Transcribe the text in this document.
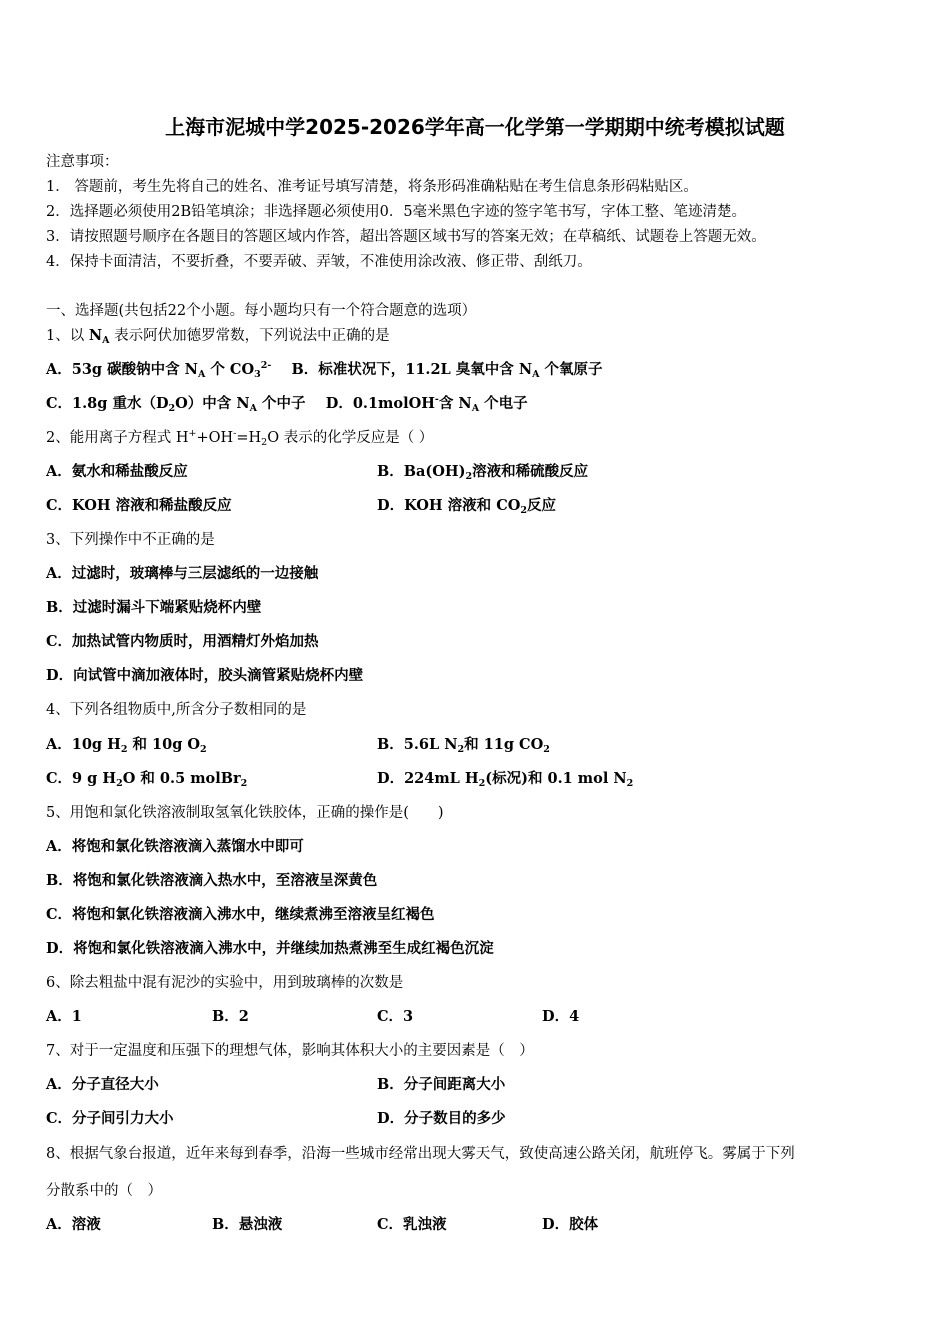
上海市泥城中学2025-2026学年高一化学第一学期期中统考模拟试题
注意事项：
1． 答题前，考生先将自己的姓名、准考证号填写清楚，将条形码准确粘贴在考生信息条形码粘贴区。
2．选择题必须使用2B铅笔填涂；非选择题必须使用0．5毫米黑色字迹的签字笔书写，字体工整、笔迹清楚。
3．请按照题号顺序在各题目的答题区域内作答，超出答题区域书写的答案无效；在草稿纸、试题卷上答题无效。
4．保持卡面清洁，不要折叠，不要弄破、弄皱，不准使用涂改液、修正带、刮纸刀。
一、选择题(共包括22个小题。每小题均只有一个符合题意的选项）
1、以 $N_A$ 表示阿伏加德罗常数，下列说法中正确的是
A．53g 碳酸钠中含 $N_A$ 个 $CO_3^{2-}$ B．标准状况下，11.2L 臭氧中含 $N_A$ 个氧原子
C．1.8g 重水$(D_2O)$中含 $N_A$ 个中子 D．0.1molOH-含 $N_A$ 个电子
2、能用离子方程式 $H^++OH^-=H_2O$ 表示的化学反应是（ ）
A．氨水和稀盐酸反应	B．$Ba(OH)_2$溶液和稀硫酸反应
C．KOH 溶液和稀盐酸反应	D．KOH 溶液和 $CO_2$反应
3、下列操作中不正确的是
A．过滤时，玻璃棒与三层滤纸的一边接触
B．过滤时漏斗下端紧贴烧杯内壁
C．加热试管内物质时，用酒精灯外焰加热
D．向试管中滴加液体时，胶头滴管紧贴烧杯内壁
4、下列各组物质中,所含分子数相同的是
A．10g $H_2$ 和 10g $O_2$	B．5.6L $N_2$和 11g $CO_2$
C．9 g $H_2O$ 和 0.5 molBr$_2$	D．224mL $H_2$(标况)和 0.1 mol $N_2$
5、用饱和氯化铁溶液制取氢氧化铁胶体，正确的操作是(　　)
A．将饱和氯化铁溶液滴入蒸馏水中即可
B．将饱和氯化铁溶液滴入热水中，至溶液呈深黄色
C．将饱和氯化铁溶液滴入沸水中，继续煮沸至溶液呈红褐色
D．将饱和氯化铁溶液滴入沸水中，并继续加热煮沸至生成红褐色沉淀
6、除去粗盐中混有泥沙的实验中，用到玻璃棒的次数是
A．1	B．2	C．3	D．4
7、对于一定温度和压强下的理想气体，影响其体积大小的主要因素是（　）
A．分子直径大小	B．分子间距离大小
C．分子间引力大小	D．分子数目的多少
8、根据气象台报道，近年来每到春季，沿海一些城市经常出现大雾天气，致使高速公路关闭，航班停飞。雾属于下列
分散系中的（　）
A．溶液	B．悬浊液	C．乳浊液	D．胶体
